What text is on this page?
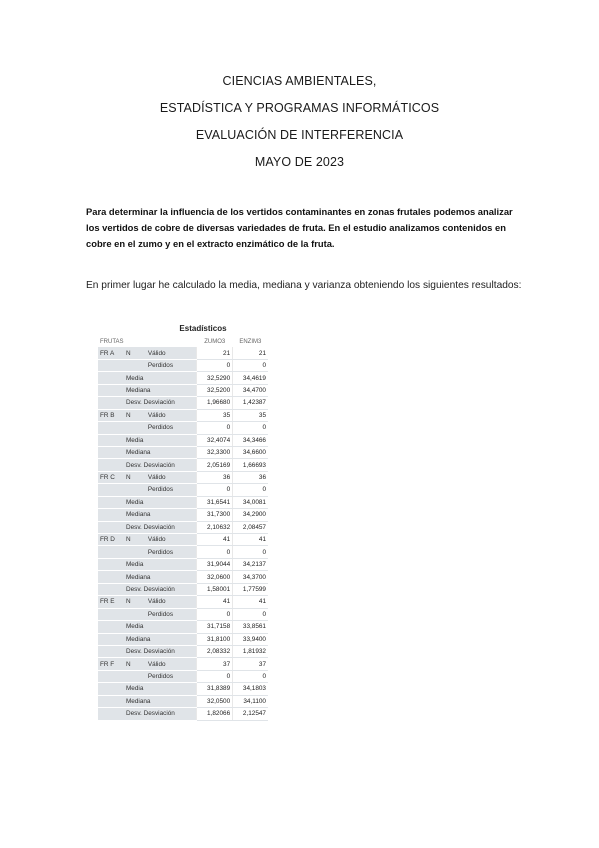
CIENCIAS AMBIENTALES,

ESTADÍSTICA Y PROGRAMAS INFORMÁTICOS

EVALUACIÓN DE INTERFERENCIA

MAYO DE 2023

Para determinar la influencia de los vertidos contaminantes en zonas frutales podemos analizar los vertidos de cobre de diversas variedades de fruta. En el estudio analizamos contenidos en cobre en el zumo y en el extracto enzimático de la fruta.
En primer lugar he calculado la media, mediana y varianza obteniendo los siguientes resultados:
Estadísticos
FRUTAS			ZUMO3	ENZIM3
FR A	N	Válido	21	21
		Perdidos	0	0
	Media		32,5290	34,4619
	Mediana		32,5200	34,4700
	Desv. Desviación		1,96680	1,42387
FR B	N	Válido	35	35
		Perdidos	0	0
	Media		32,4074	34,3466
	Mediana		32,3300	34,6600
	Desv. Desviación		2,05169	1,66693
FR C	N	Válido	36	36
		Perdidos	0	0
	Media		31,6541	34,0081
	Mediana		31,7300	34,2900
	Desv. Desviación		2,10632	2,08457
FR D	N	Válido	41	41
		Perdidos	0	0
	Media		31,9044	34,2137
	Mediana		32,0600	34,3700
	Desv. Desviación		1,58001	1,77599
FR E	N	Válido	41	41
		Perdidos	0	0
	Media		31,7158	33,8561
	Mediana		31,8100	33,9400
	Desv. Desviación		2,08332	1,81932
FR F	N	Válido	37	37
		Perdidos	0	0
	Media		31,8389	34,1803
	Mediana		32,0500	34,1100
	Desv. Desviación		1,82066	2,12547
